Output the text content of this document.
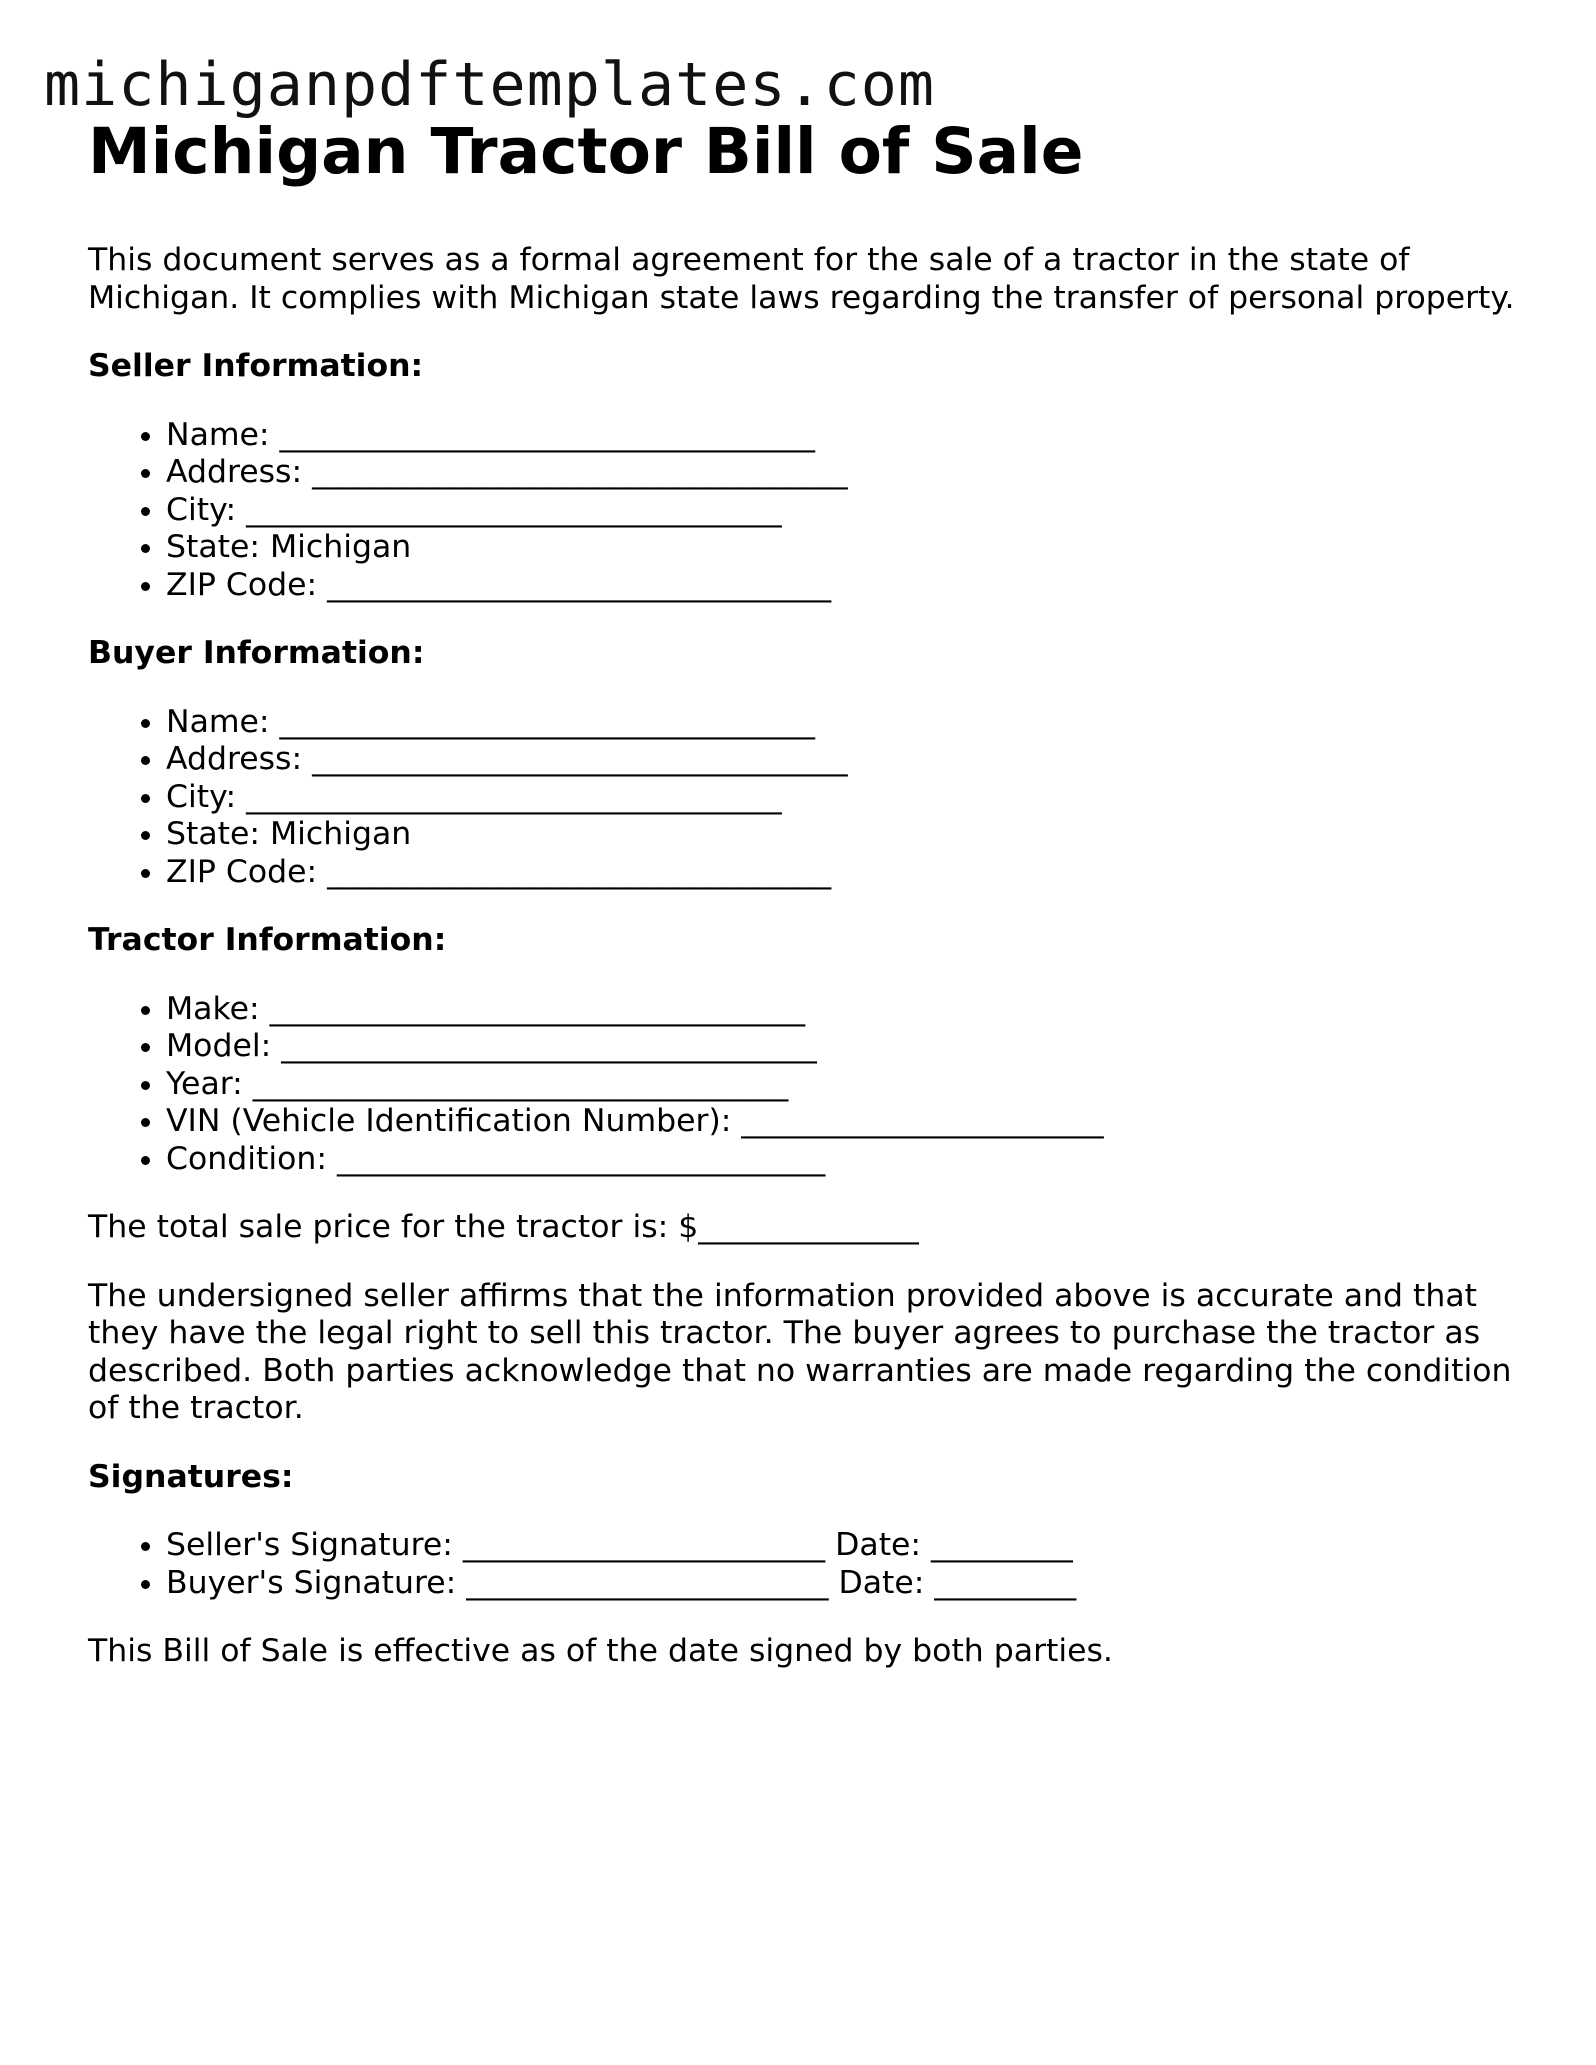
michiganpdftemplates.com
Michigan Tractor Bill of Sale

This document serves as a formal agreement for the sale of a tractor in the state of Michigan. It complies with Michigan state laws regarding the transfer of personal property.

Seller Information:

• Name: __________________________________
• Address: __________________________________
• City: __________________________________
• State: Michigan
• ZIP Code: ________________________________

Buyer Information:

• Name: __________________________________
• Address: __________________________________
• City: __________________________________
• State: Michigan
• ZIP Code: ________________________________

Tractor Information:

• Make: __________________________________
• Model: __________________________________
• Year: __________________________________
• VIN (Vehicle Identification Number): _______________________
• Condition: _______________________________

The total sale price for the tractor is: $______________

The undersigned seller affirms that the information provided above is accurate and that they have the legal right to sell this tractor. The buyer agrees to purchase the tractor as described. Both parties acknowledge that no warranties are made regarding the condition of the tractor.

Signatures:

• Seller's Signature: _______________________ Date: _________
• Buyer's Signature: _______________________ Date: _________

This Bill of Sale is effective as of the date signed by both parties.
